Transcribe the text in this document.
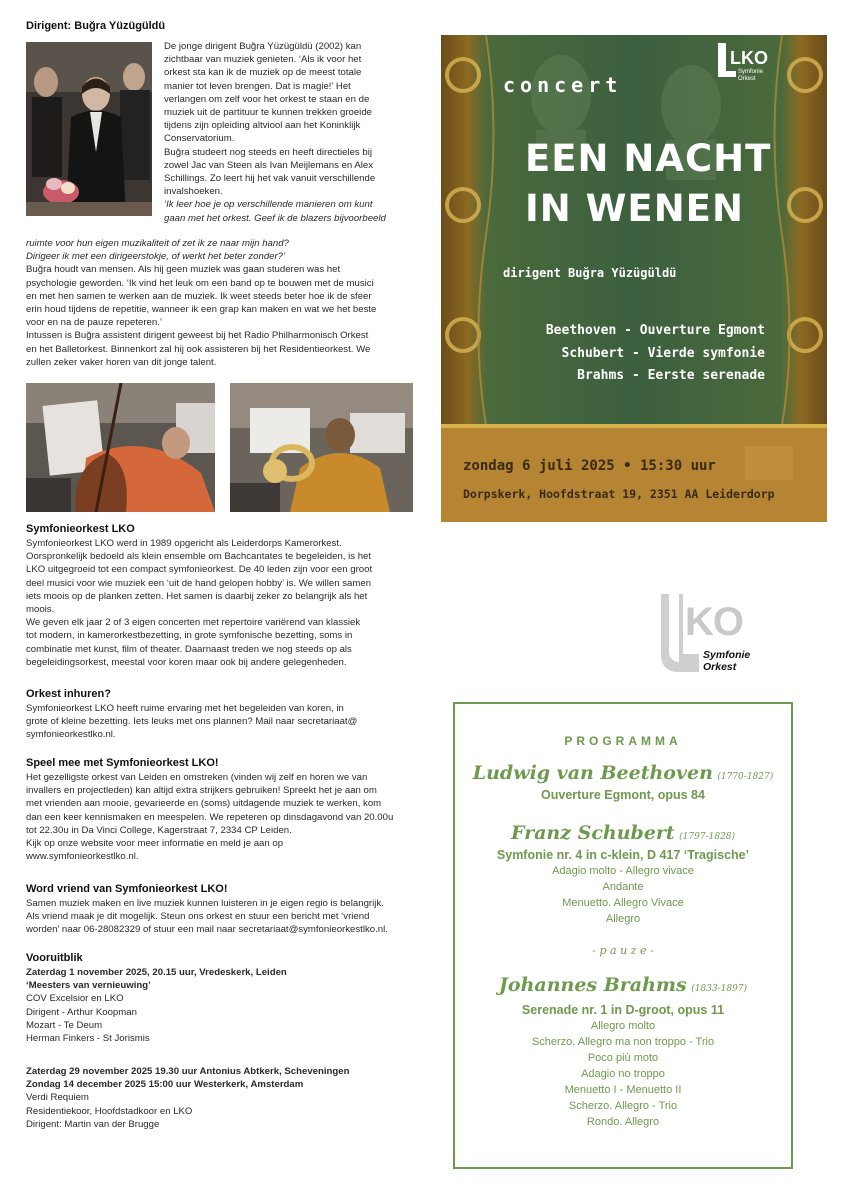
Dirigent: Buğra Yüzügüldü

De jonge dirigent Buğra Yüzügüldü (2002) kan

zichtbaar van muziek genieten. ‘Als ik voor het

orkest sta kan ik de muziek op de meest totale

manier tot leven brengen. Dat is magie!’ Het

verlangen om zelf voor het orkest te staan en de

muziek uit de partituur te kunnen trekken groeide

tijdens zijn opleiding altviool aan het Koninklijk

Conservatorium.

Buğra studeert nog steeds en heeft directieles bij

zowel Jac van Steen als Ivan Meijlemans en Alex

Schillings. Zo leert hij het vak vanuit verschillende

invalshoeken.

‘Ik leer hoe je op verschillende manieren om kunt

gaan met het orkest. Geef ik de blazers bijvoorbeeld

ruimte voor hun eigen muzikaliteit of zet ik ze naar mijn hand?

Dirigeer ik met een dirigeerstokje, of werkt het beter zonder?’

Buğra houdt van mensen. Als hij geen muziek was gaan studeren was het

psychologie geworden. ‘Ik vind het leuk om een band op te bouwen met de musici

en met hen samen te werken aan de muziek. Ik weet steeds beter hoe ik de sfeer

erin houd tijdens de repetitie, wanneer ik een grap kan maken en wat we het beste

voor en na de pauze repeteren.’

Intussen is Buğra assistent dirigent geweest bij het Radio Philharmonisch Orkest

en het Balletorkest. Binnenkort zal hij ook assisteren bij het Residentieorkest. We

zullen zeker vaker horen van dit jonge talent.

Symfonieorkest LKO

Symfonieorkest LKO werd in 1989 opgericht als Leiderdorps Kamerorkest.

Oorspronkelijk bedoeld als klein ensemble om Bachcantates te begeleiden, is het

LKO uitgegroeid tot een compact symfonieorkest. De 40 leden zijn voor een groot

deel musici voor wie muziek een ‘uit de hand gelopen hobby’ is. We willen samen

iets moois op de planken zetten. Het samen is daarbij zeker zo belangrijk als het

moois.

We geven elk jaar 2 of 3 eigen concerten met repertoire variërend van klassiek

tot modern, in kamerorkestbezetting, in grote symfonische bezetting, soms in

combinatie met kunst, film of theater. Daarnaast treden we nog steeds op als

begeleidingsorkest, meestal voor koren maar ook bij andere gelegenheden.

Orkest inhuren?

Symfonieorkest LKO heeft ruime ervaring met het begeleiden van koren, in

grote of kleine bezetting. Iets leuks met ons plannen? Mail naar secretariaat@

symfonieorkestlko.nl.

Speel mee met Symfonieorkest LKO!

Het gezelligste orkest van Leiden en omstreken (vinden wij zelf en horen we van

invallers en projectleden) kan altijd extra strijkers gebruiken! Spreekt het je aan om

met vrienden aan mooie, gevarieerde en (soms) uitdagende muziek te werken, kom

dan een keer kennismaken en meespelen. We repeteren op dinsdagavond van 20.00u

tot 22.30u in Da Vinci College, Kagerstraat 7, 2334 CP Leiden.

Kijk op onze website voor meer informatie en meld je aan op

www.symfonieorkestlko.nl.

Word vriend van Symfonieorkest LKO!

Samen muziek maken en live muziek kunnen luisteren in je eigen regio is belangrijk.

Als vriend maak je dit mogelijk. Steun ons orkest en stuur een bericht met ‘vriend

worden’ naar 06-28082329 of stuur een mail naar secretariaat@symfonieorkestlko.nl.

Vooruitblik

Zaterdag 1 november 2025, 20.15 uur, Vredeskerk, Leiden

‘Meesters van vernieuwing’

COV Excelsior en LKO

Dirigent - Arthur Koopman

Mozart - Te Deum

Herman Finkers - St Jorismis

Zaterdag 29 november 2025 19.30 uur Antonius Abtkerk, Scheveningen

Zondag 14 december 2025 15:00 uur Westerkerk, Amsterdam

Verdi Requiem

Residentiekoor, Hoofdstadkoor en LKO

Dirigent: Martin van der Brugge

LKO
Symfonie
Orkest
concert
EEN NACHT
IN WENEN
dirigent Buğra Yüzügüldü
Beethoven - Ouverture Egmont
Schubert - Vierde symfonie
Brahms - Eerste serenade
zondag 6 juli 2025 • 15:30 uur
Dorpskerk, Hoofdstraat 19, 2351 AA Leiderdorp
KO
Symfonie
Orkest
PROGRAMMA
Ludwig van Beethoven (1770-1827)
Ouverture Egmont, opus 84
Franz Schubert (1797-1828)
Symfonie nr. 4 in c-klein, D 417 ‘Tragische’
Adagio molto - Allegro vivace
Andante
Menuetto. Allegro Vivace
Allegro
- p a u z e -
Johannes Brahms (1833-1897)
Serenade nr. 1 in D-groot, opus 11
Allegro molto
Scherzo. Allegro ma non troppo - Trio
Poco più moto
Adagio no troppo
Menuetto I - Menuetto II
Scherzo. Allegro - Trio
Rondo. Allegro
